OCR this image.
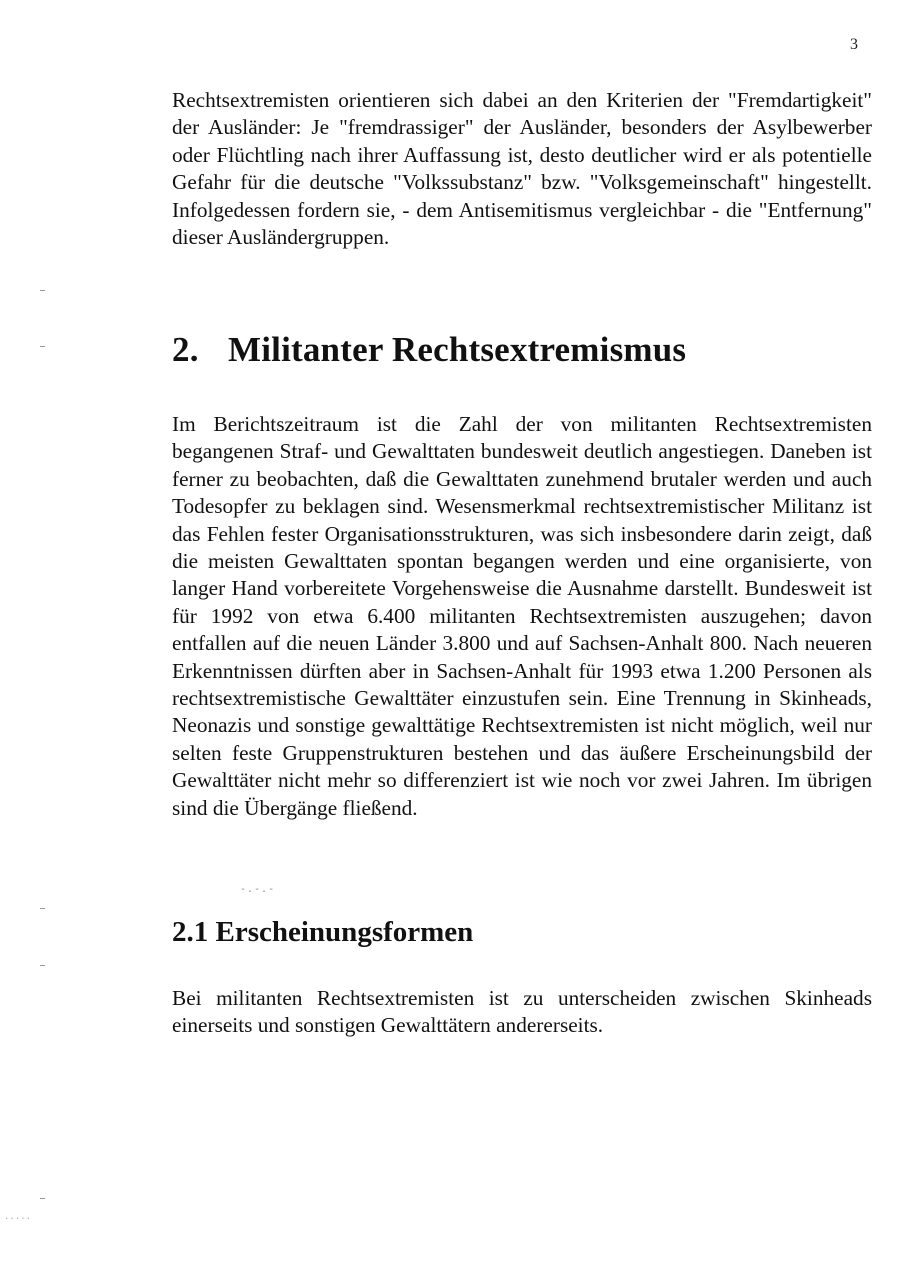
3

Rechtsextremisten orientieren sich dabei an den Kriterien der "Fremdartigkeit" der Ausländer: Je "fremdrassiger" der Ausländer, besonders der Asylbewerber oder Flüchtling nach ihrer Auffassung ist, desto deutlicher wird er als potentielle Gefahr für die deutsche "Volkssubstanz" bzw. "Volksgemeinschaft" hingestellt. Infolgedessen fordern sie, - dem Antisemitismus vergleichbar - die "Entfernung" dieser Ausländergruppen.

2. Militanter Rechtsextremismus

Im Berichtszeitraum ist die Zahl der von militanten Rechtsextremisten begangenen Straf- und Gewalttaten bundesweit deutlich angestiegen. Daneben ist ferner zu beobachten, daß die Gewalttaten zunehmend brutaler werden und auch Todesopfer zu beklagen sind. Wesensmerkmal rechtsextremistischer Militanz ist das Fehlen fester Organisationsstrukturen, was sich insbesondere darin zeigt, daß die meisten Gewalttaten spontan begangen werden und eine organisierte, von langer Hand vorbereitete Vorgehensweise die Ausnahme darstellt. Bundesweit ist für 1992 von etwa 6.400 militanten Rechtsextremisten auszugehen; davon entfallen auf die neuen Länder 3.800 und auf Sachsen-Anhalt 800. Nach neueren Erkenntnissen dürften aber in Sachsen-Anhalt für 1993 etwa 1.200 Personen als rechtsextremistische Gewalttäter einzustufen sein. Eine Trennung in Skinheads, Neonazis und sonstige gewalttätige Rechtsextremisten ist nicht möglich, weil nur selten feste Gruppenstrukturen bestehen und das äußere Erscheinungsbild der Gewalttäter nicht mehr so differenziert ist wie noch vor zwei Jahren. Im übrigen sind die Übergänge fließend.

-.-.-
2.1 Erscheinungsformen

Bei militanten Rechtsextremisten ist zu unterscheiden zwischen Skinheads einerseits und sonstigen Gewalttätern andererseits.

.....
